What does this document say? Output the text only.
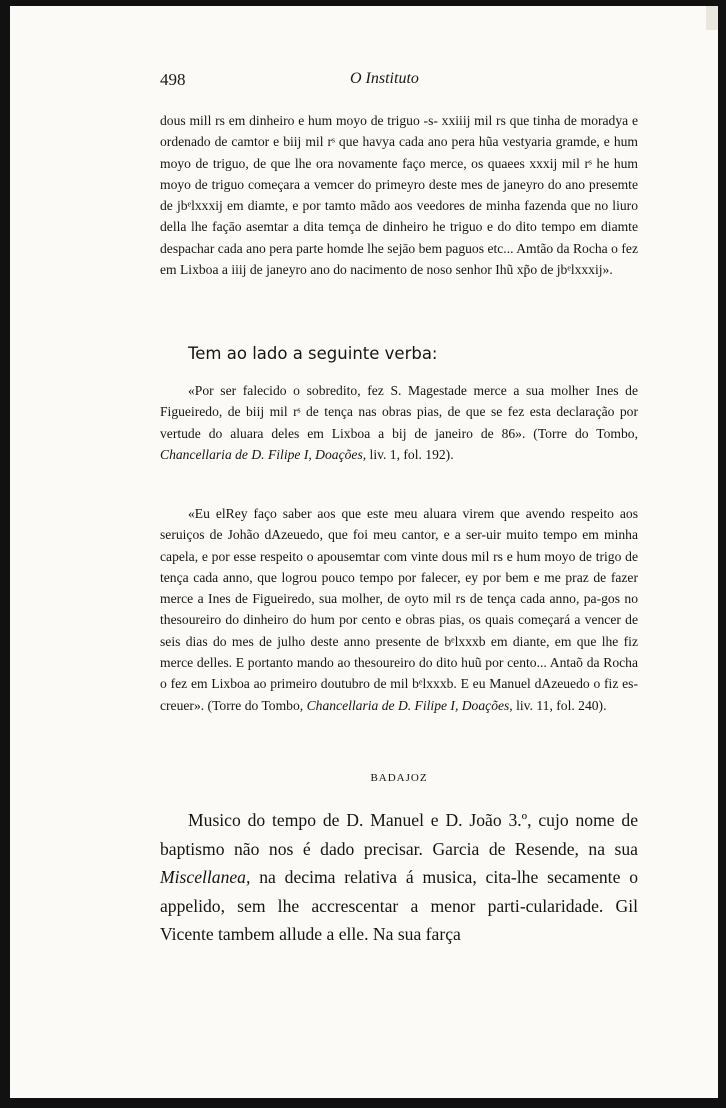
498	O Instituto

dous mill rs em dinheiro e hum moyo de triguo -s- xxiiij mil rs que tinha de moradya e ordenado de camtor e biij mil rˢ que havya cada ano pera hũa vestyaria gramde, e hum moyo de triguo, de que lhe ora novamente faço merce, os quaees xxxij mil rˢ he hum moyo de triguo começara a vemcer do primeyro deste mes de janeyro do ano presemte de jbᵉlxxxij em diamte, e por tamto mãdo aos veedores de minha fazenda que no liuro della lhe façāo asemtar a dita temça de dinheiro he triguo e do dito tempo em diamte despachar cada ano pera parte homde lhe sejāo bem paguos etc... Amtão da Rocha o fez em Lixboa a iiij de janeyro ano do nacimento de noso senhor Ihũ xp̃o de jbᵉlxxxij».

Tem ao lado a seguinte verba:

«Por ser falecido o sobredito, fez S. Magestade merce a sua molher Ines de Figueiredo, de biij mil rˢ de tença nas obras pias, de que se fez esta declaração por vertude do aluara deles em Lixboa a bij de janeiro de 86». (Torre do Tombo, Chancellaria de D. Filipe I, Doações, liv. 1, fol. 192).

«Eu elRey faço saber aos que este meu aluara virem que avendo respeito aos seruiços de Johão dAzeuedo, que foi meu cantor, e a ser-uir muito tempo em minha capela, e por esse respeito o apousemtar com vinte dous mil rs e hum moyo de trigo de tença cada anno, que logrou pouco tempo por falecer, ey por bem e me praz de fazer merce a Ines de Figueiredo, sua molher, de oyto mil rs de tença cada anno, pa-gos no thesoureiro do dinheiro do hum por cento e obras pias, os quais começará a vencer de seis dias do mes de julho deste anno presente de bᵉlxxxb em diante, em que lhe fiz merce delles. E portanto mando ao thesoureiro do dito huũ por cento... Antaõ da Rocha o fez em Lixboa ao primeiro doutubro de mil bᵉlxxxb. E eu Manuel dAzeuedo o fiz es-creuer». (Torre do Tombo, Chancellaria de D. Filipe I, Doações, liv. 11, fol. 240).

BADAJOZ

Musico do tempo de D. Manuel e D. João 3.º, cujo nome de baptismo não nos é dado precisar. Garcia de Resende, na sua Miscellanea, na decima relativa á musica, cita-lhe secamente o appelido, sem lhe accrescentar a menor parti-cularidade. Gil Vicente tambem allude a elle. Na sua farça
